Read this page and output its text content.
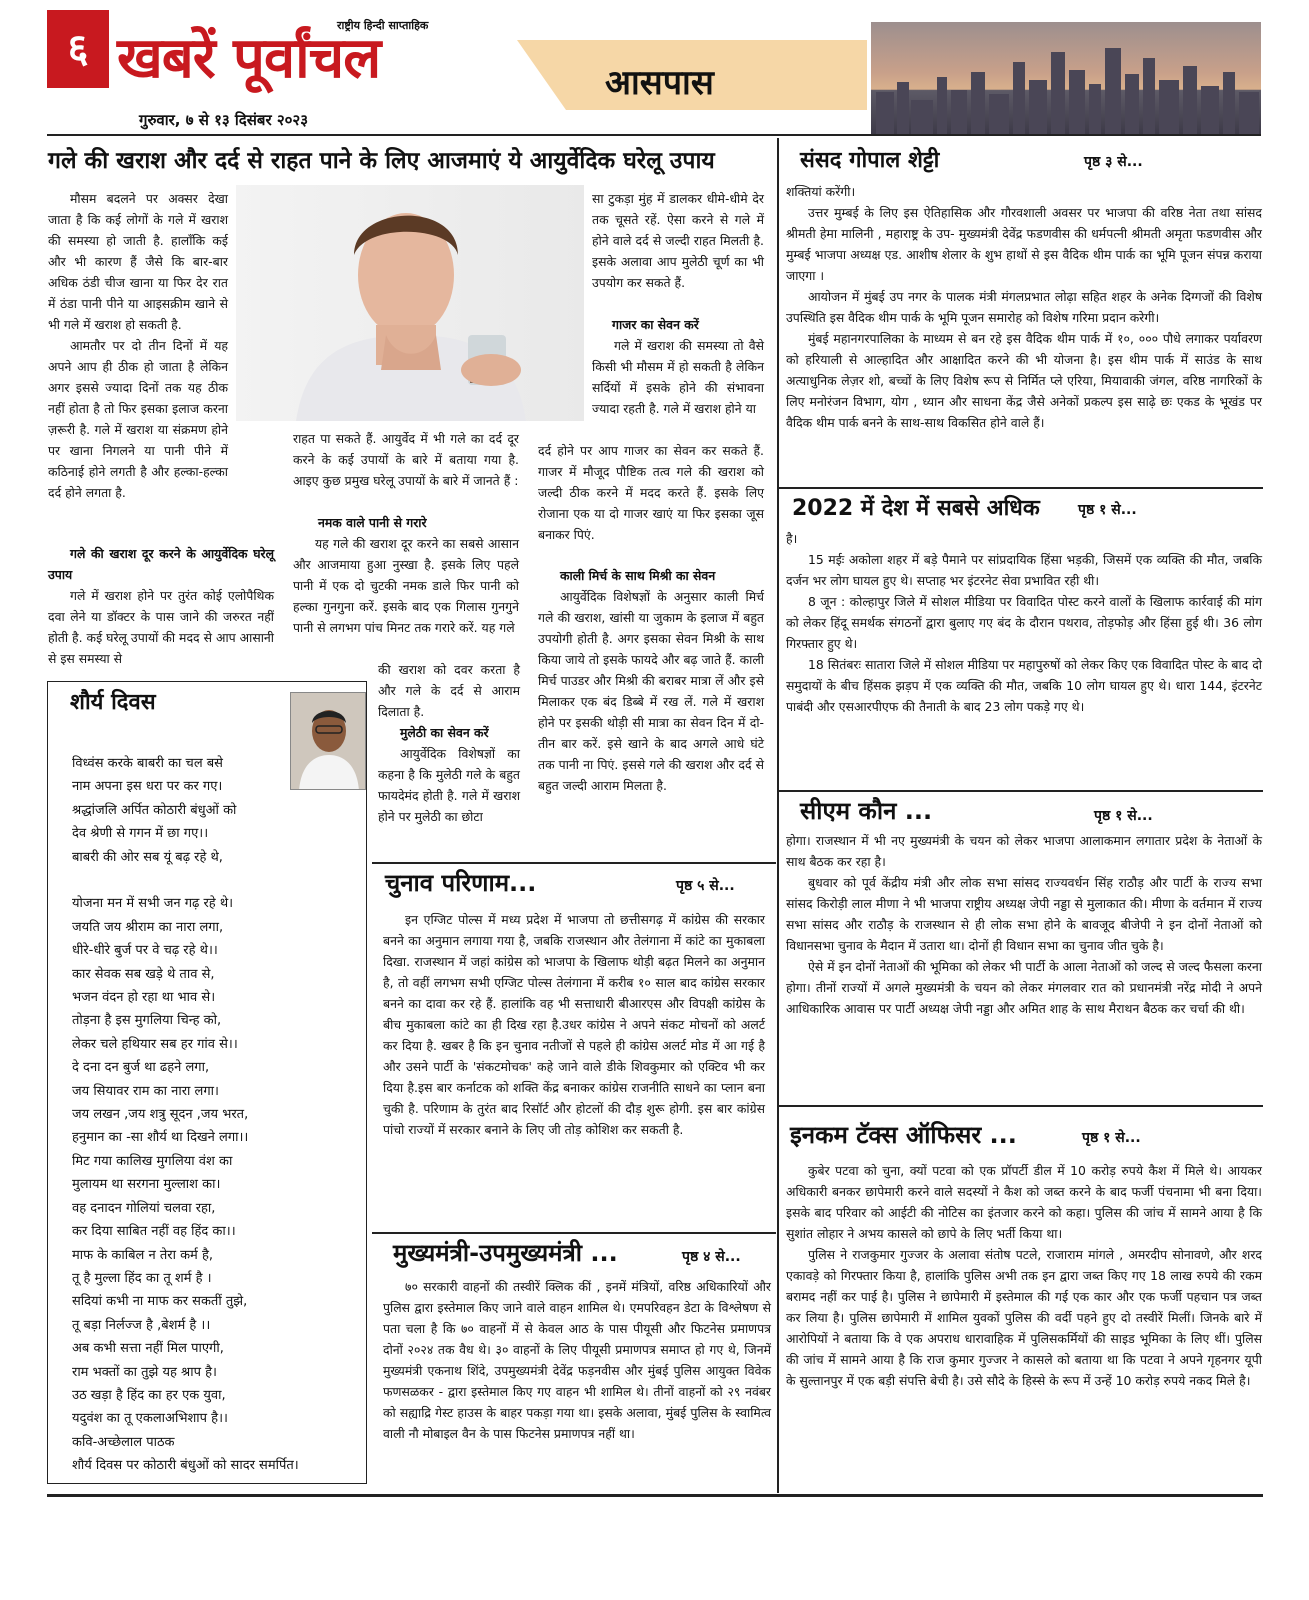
६
राष्ट्रीय हिन्दी साप्ताहिक
खबरें पूर्वांचल
गुरुवार, ७ से १३ दिसंबर २०२३
आसपास
गले की खराश और दर्द से राहत पाने के लिए आजमाएं ये आयुर्वेदिक घरेलू उपाय

मौसम बदलने पर अक्सर देखा जाता है कि कई लोगों के गले में खराश की समस्या हो जाती है. हालाँकि कई और भी कारण हैं जैसे कि बार-बार अधिक ठंडी चीज खाना या फिर देर रात में ठंडा पानी पीने या आइसक्रीम खाने से भी गले में खराश हो सकती है.

आमतौर पर दो तीन दिनों में यह अपने आप ही ठीक हो जाता है लेकिन अगर इससे ज्यादा दिनों तक यह ठीक नहीं होता है तो फिर इसका इलाज करना ज़रूरी है. गले में खराश या संक्रमण होने पर खाना निगलने या पानी पीने में कठिनाई होने लगती है और हल्का-हल्का दर्द होने लगता है.

गले की खराश दूर करने के आयुर्वेदिक घरेलू उपाय

गले में खराश होने पर तुरंत कोई एलोपैथिक दवा लेने या डॉक्टर के पास जाने की जरुरत नहीं होती है. कई घरेलू उपायों की मदद से आप आसानी से इस समस्या से

राहत पा सकते हैं. आयुर्वेद में भी गले का दर्द दूर करने के कई उपायों के बारे में बताया गया है. आइए कुछ प्रमुख घरेलू उपायों के बारे में जानते हैं :

नमक वाले पानी से गरारे

यह गले की खराश दूर करने का सबसे आसान और आजमाया हुआ नुस्खा है. इसके लिए पहले पानी में एक दो चुटकी नमक डाले फिर पानी को हल्का गुनगुना करें. इसके बाद एक गिलास गुनगुने पानी से लगभग पांच मिनट तक गरारे करें. यह गले

की खराश को दवर करता है और गले के दर्द से आराम दिलाता है.

मुलेठी का सेवन करें

आयुर्वेदिक विशेषज्ञों का कहना है कि मुलेठी गले के बहुत फायदेमंद होती है. गले में खराश होने पर मुलेठी का छोटा

सा टुकड़ा मुंह में डालकर धीमे-धीमे देर तक चूसते रहें. ऐसा करने से गले में होने वाले दर्द से जल्दी राहत मिलती है. इसके अलावा आप मुलेठी चूर्ण का भी उपयोग कर सकते हैं.

गाजर का सेवन करें

गले में खराश की समस्या तो वैसे किसी भी मौसम में हो सकती है लेकिन सर्दियों में इसके होने की संभावना ज्यादा रहती है. गले में खराश होने या

दर्द होने पर आप गाजर का सेवन कर सकते हैं. गाजर में मौजूद पौष्टिक तत्व गले की खराश को जल्दी ठीक करने में मदद करते हैं. इसके लिए रोजाना एक या दो गाजर खाएं या फिर इसका जूस बनाकर पिएं.

काली मिर्च के साथ मिश्री का सेवन

आयुर्वेदिक विशेषज्ञों के अनुसार काली मिर्च गले की खराश, खांसी या जुकाम के इलाज में बहुत उपयोगी होती है. अगर इसका सेवन मिश्री के साथ किया जाये तो इसके फायदे और बढ़ जाते हैं. काली मिर्च पाउडर और मिश्री की बराबर मात्रा लें और इसे मिलाकर एक बंद डिब्बे में रख लें. गले में खराश होने पर इसकी थोड़ी सी मात्रा का सेवन दिन में दो-तीन बार करें. इसे खाने के बाद अगले आधे घंटे तक पानी ना पिएं. इससे गले की खराश और दर्द से बहुत जल्दी आराम मिलता है.

शौर्य दिवस
विध्वंस करके बाबरी का चल बसे
नाम अपना इस धरा पर कर गए।
श्रद्धांजलि अर्पित कोठारी बंधुओं को
देव श्रेणी से गगन में छा गए।।
बाबरी की ओर सब यूं बढ़ रहे थे,
योजना मन में सभी जन गढ़ रहे थे।
जयति जय श्रीराम का नारा लगा,
धीरे-धीरे बुर्ज पर वे चढ़ रहे थे।।
कार सेवक सब खड़े थे ताव से,
भजन वंदन हो रहा था भाव से।
तोड़ना है इस मुगलिया चिन्ह को,
लेकर चले हथियार सब हर गांव से।।
दे दना दन बुर्ज था ढहने लगा,
जय सियावर राम का नारा लगा।
जय लखन ,जय शत्रु सूदन ,जय भरत,
हनुमान का -सा शौर्य था दिखने लगा।।
मिट गया कालिख मुगलिया वंश का
मुलायम था सरगना मुल्लाश का।
वह दनादन गोलियां चलवा रहा,
कर दिया साबित नहीं वह हिंद का।।
माफ के काबिल न तेरा कर्म है,
तू है मुल्ला हिंद का तू शर्म है ।
सदियां कभी ना माफ कर सकतीं तुझे,
तू बड़ा निर्लज्ज है ,बेशर्म है ।।
अब कभी सत्ता नहीं मिल पाएगी,
राम भक्तों का तुझे यह श्राप है।
उठ खड़ा है हिंद का हर एक युवा,
यदुवंश का तू एकलाअभिशाप है।।
कवि-अच्छेलाल पाठक
शौर्य दिवस पर कोठारी बंधुओं को सादर समर्पित।
चुनाव परिणाम...	पृष्ठ ५ से...

इन एग्जिट पोल्स में मध्य प्रदेश में भाजपा तो छत्तीसगढ़ में कांग्रेस की सरकार बनने का अनुमान लगाया गया है, जबकि राजस्थान और तेलंगाना में कांटे का मुकाबला दिखा. राजस्थान में जहां कांग्रेस को भाजपा के खिलाफ थोड़ी बढ़त मिलने का अनुमान है, तो वहीं लगभग सभी एग्जिट पोल्स तेलंगाना में करीब १० साल बाद कांग्रेस सरकार बनने का दावा कर रहे हैं. हालांकि वह भी सत्ताधारी बीआरएस और विपक्षी कांग्रेस के बीच मुकाबला कांटे का ही दिख रहा है.उधर कांग्रेस ने अपने संकट मोचनों को अलर्ट कर दिया है. खबर है कि इन चुनाव नतीजों से पहले ही कांग्रेस अलर्ट मोड में आ गई है और उसने पार्टी के 'संकटमोचक' कहे जाने वाले डीके शिवकुमार को एक्टिव भी कर दिया है.इस बार कर्नाटक को शक्ति केंद्र बनाकर कांग्रेस राजनीति साधने का प्लान बना चुकी है. परिणाम के तुरंत बाद रिसॉर्ट और होटलों की दौड़ शुरू होगी. इस बार कांग्रेस पांचो राज्यों में सरकार बनाने के लिए जी तोड़ कोशिश कर सकती है.

मुख्यमंत्री-उपमुख्यमंत्री ...	पृष्ठ ४ से...

७० सरकारी वाहनों की तस्वीरें क्लिक कीं , इनमें मंत्रियों, वरिष्ठ अधिकारियों और पुलिस द्वारा इस्तेमाल किए जाने वाले वाहन शामिल थे। एमपरिवहन डेटा के विश्लेषण से पता चला है कि ७० वाहनों में से केवल आठ के पास पीयूसी और फिटनेस प्रमाणपत्र दोनों २०२४ तक वैध थे। ३० वाहनों के लिए पीयूसी प्रमाणपत्र समाप्त हो गए थे, जिनमें मुख्यमंत्री एकनाथ शिंदे, उपमुख्यमंत्री देवेंद्र फड़नवीस और मुंबई पुलिस आयुक्त विवेक फणसळकर - द्वारा इस्तेमाल किए गए वाहन भी शामिल थे। तीनों वाहनों को २९ नवंबर को सह्याद्रि गेस्ट हाउस के बाहर पकड़ा गया था। इसके अलावा, मुंबई पुलिस के स्वामित्व वाली नौ मोबाइल वैन के पास फिटनेस प्रमाणपत्र नहीं था।

संसद गोपाल शेट्टी	पृष्ठ ३ से...

शक्तियां करेंगी।

उत्तर मुम्बई के लिए इस ऐतिहासिक और गौरवशाली अवसर पर भाजपा की वरिष्ठ नेता तथा सांसद श्रीमती हेमा मालिनी , महाराष्ट्र के उप- मुख्यमंत्री देवेंद्र फडणवीस की धर्मपत्नी श्रीमती अमृता फडणवीस और मुम्बई भाजपा अध्यक्ष एड. आशीष शेलार के शुभ हाथों से इस वैदिक थीम पार्क का भूमि पूजन संपन्न कराया जाएगा ।

आयोजन में मुंबई उप नगर के पालक मंत्री मंगलप्रभात लोढ़ा सहित शहर के अनेक दिग्गजों की विशेष उपस्थिति इस वैदिक थीम पार्क के भूमि पूजन समारोह को विशेष गरिमा प्रदान करेगी।

मुंबई महानगरपालिका के माध्यम से बन रहे इस वैदिक थीम पार्क में १०, ००० पौधे लगाकर पर्यावरण को हरियाली से आल्हादित और आक्षादित करने की भी योजना है। इस थीम पार्क में साउंड के साथ अत्याधुनिक लेज़र शो, बच्चों के लिए विशेष रूप से निर्मित प्ले एरिया, मियावाकी जंगल, वरिष्ठ नागरिकों के लिए मनोरंजन विभाग, योग , ध्यान और साधना केंद्र जैसे अनेकों प्रकल्प इस साढ़े छः एकड के भूखंड पर वैदिक थीम पार्क बनने के साथ-साथ विकसित होने वाले हैं।

2022 में देश में सबसे अधिक	पृष्ठ १ से...

है।

15 मईः अकोला शहर में बड़े पैमाने पर सांप्रदायिक हिंसा भड़की, जिसमें एक व्यक्ति की मौत, जबकि दर्जन भर लोग घायल हुए थे। सप्ताह भर इंटरनेट सेवा प्रभावित रही थी।

8 जून : कोल्हापुर जिले में सोशल मीडिया पर विवादित पोस्ट करने वालों के खिलाफ कार्रवाई की मांग को लेकर हिंदू समर्थक संगठनों द्वारा बुलाए गए बंद के दौरान पथराव, तोड़फोड़ और हिंसा हुई थी। 36 लोग गिरफ्तार हुए थे।

18 सितंबरः सातारा जिले में सोशल मीडिया पर महापुरुषों को लेकर किए एक विवादित पोस्ट के बाद दो समुदायों के बीच हिंसक झड़प में एक व्यक्ति की मौत, जबकि 10 लोग घायल हुए थे। धारा 144, इंटरनेट पाबंदी और एसआरपीएफ की तैनाती के बाद 23 लोग पकड़े गए थे।

सीएम कौन ...	पृष्ठ १ से...

होगा। राजस्थान में भी नए मुख्यमंत्री के चयन को लेकर भाजपा आलाकमान लगातार प्रदेश के नेताओं के साथ बैठक कर रहा है।

बुधवार को पूर्व केंद्रीय मंत्री और लोक सभा सांसद राज्यवर्धन सिंह राठौड़ और पार्टी के राज्य सभा सांसद किरोड़ी लाल मीणा ने भी भाजपा राष्ट्रीय अध्यक्ष जेपी नड्डा से मुलाकात की। मीणा के वर्तमान में राज्य सभा सांसद और राठौड़ के राजस्थान से ही लोक सभा होने के बावजूद बीजेपी ने इन दोनों नेताओं को विधानसभा चुनाव के मैदान में उतारा था। दोनों ही विधान सभा का चुनाव जीत चुके है।

ऐसे में इन दोनों नेताओं की भूमिका को लेकर भी पार्टी के आला नेताओं को जल्द से जल्द फैसला करना होगा। तीनों राज्यों में अगले मुख्यमंत्री के चयन को लेकर मंगलवार रात को प्रधानमंत्री नरेंद्र मोदी ने अपने आधिकारिक आवास पर पार्टी अध्यक्ष जेपी नड्डा और अमित शाह के साथ मैराथन बैठक कर चर्चा की थी।

इनकम टॅक्स ऑफिसर ...	पृष्ठ १ से...

कुबेर पटवा को चुना, क्यों पटवा को एक प्रॉपर्टी डील में 10 करोड़ रुपये कैश में मिले थे। आयकर अधिकारी बनकर छापेमारी करने वाले सदस्यों ने कैश को जब्त करने के बाद फर्जी पंचनामा भी बना दिया। इसके बाद परिवार को आईटी की नोटिस का इंतजार करने को कहा। पुलिस की जांच में सामने आया है कि सुशांत लोहार ने अभय कासले को छापे के लिए भर्ती किया था।

पुलिस ने राजकुमार गुज्जर के अलावा संतोष पटले, राजाराम मांगले , अमरदीप सोनावणे, और शरद एकावड़े को गिरफ्तार किया है, हालांकि पुलिस अभी तक इन द्वारा जब्त किए गए 18 लाख रुपये की रकम बरामद नहीं कर पाई है। पुलिस ने छापेमारी में इस्तेमाल की गई एक कार और एक फर्जी पहचान पत्र जब्त कर लिया है। पुलिस छापेमारी में शामिल युवकों पुलिस की वर्दी पहने हुए दो तस्वीरें मिलीं। जिनके बारे में आरोपियों ने बताया कि वे एक अपराध धारावाहिक में पुलिसकर्मियों की साइड भूमिका के लिए थीं। पुलिस की जांच में सामने आया है कि राज कुमार गुज्जर ने कासले को बताया था कि पटवा ने अपने गृहनगर यूपी के सुल्तानपुर में एक बड़ी संपत्ति बेची है। उसे सौदे के हिस्से के रूप में उन्हें 10 करोड़ रुपये नकद मिले है।
